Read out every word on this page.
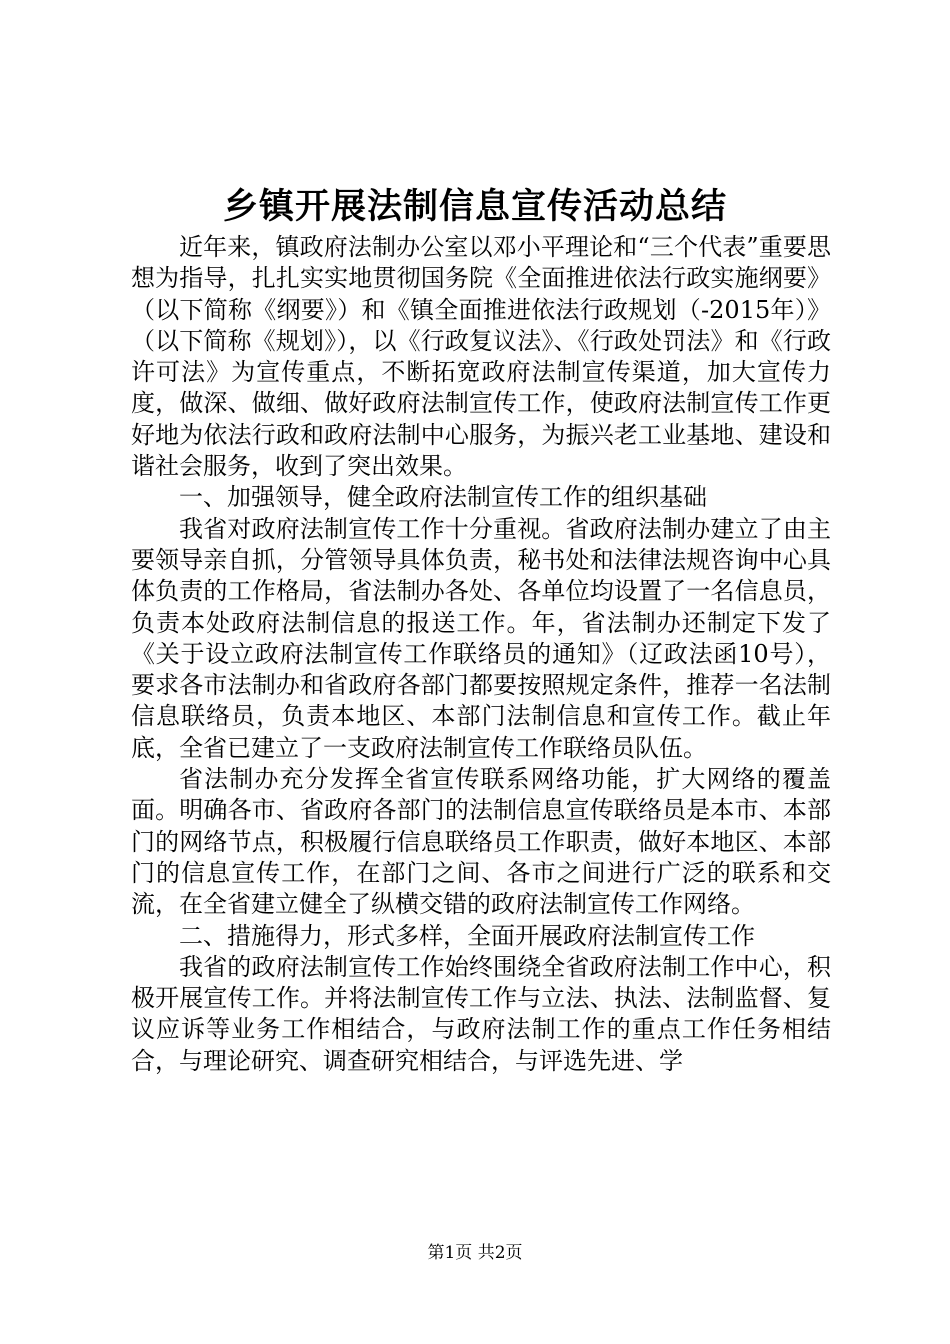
乡镇开展法制信息宣传活动总结

近年来，镇政府法制办公室以邓小平理论和“三个代表”重要思想为指导，扎扎实实地贯彻国务院《全面推进依法行政实施纲要》（以下简称《纲要》）和《镇全面推进依法行政规划（-2015年）》（以下简称《规划》），以《行政复议法》、《行政处罚法》和《行政许可法》为宣传重点，不断拓宽政府法制宣传渠道，加大宣传力度，做深、做细、做好政府法制宣传工作，使政府法制宣传工作更好地为依法行政和政府法制中心服务，为振兴老工业基地、建设和谐社会服务，收到了突出效果。

一、加强领导，健全政府法制宣传工作的组织基础

我省对政府法制宣传工作十分重视。省政府法制办建立了由主要领导亲自抓，分管领导具体负责，秘书处和法律法规咨询中心具体负责的工作格局，省法制办各处、各单位均设置了一名信息员，负责本处政府法制信息的报送工作。年，省法制办还制定下发了《关于设立政府法制宣传工作联络员的通知》（辽政法函10号），要求各市法制办和省政府各部门都要按照规定条件，推荐一名法制信息联络员，负责本地区、本部门法制信息和宣传工作。截止年底，全省已建立了一支政府法制宣传工作联络员队伍。

省法制办充分发挥全省宣传联系网络功能，扩大网络的覆盖面。明确各市、省政府各部门的法制信息宣传联络员是本市、本部门的网络节点，积极履行信息联络员工作职责，做好本地区、本部门的信息宣传工作，在部门之间、各市之间进行广泛的联系和交流，在全省建立健全了纵横交错的政府法制宣传工作网络。

二、措施得力，形式多样，全面开展政府法制宣传工作

我省的政府法制宣传工作始终围绕全省政府法制工作中心，积极开展宣传工作。并将法制宣传工作与立法、执法、法制监督、复议应诉等业务工作相结合，与政府法制工作的重点工作任务相结合，与理论研究、调查研究相结合，与评选先进、学

第1页 共2页
